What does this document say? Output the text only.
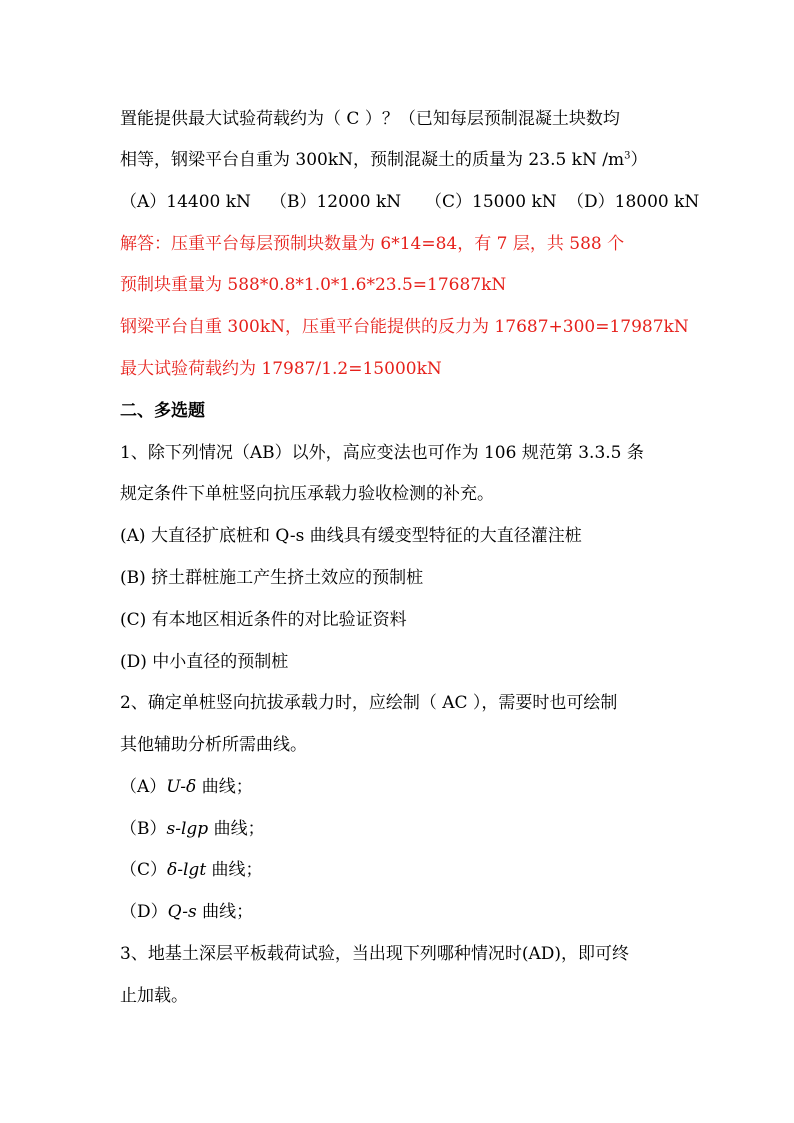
置能提供最大试验荷载约为（ C ）？（已知每层预制混凝土块数均
相等，钢梁平台自重为 300kN，预制混凝土的质量为 23.5 kN $/m^3$）
（A）14400 kN （B）12000 kN （C）15000 kN （D）18000 kN
解答：压重平台每层预制块数量为 6*14=84，有 7 层，共 588 个
预制块重量为 588*0.8*1.0*1.6*23.5=17687kN
钢梁平台自重 300kN，压重平台能提供的反力为 17687+300=17987kN
最大试验荷载约为 17987/1.2=15000kN
二、多选题
1、除下列情况（AB）以外，高应变法也可作为 106 规范第 3.3.5 条
规定条件下单桩竖向抗压承载力验收检测的补充。
(A) 大直径扩底桩和 Q-s 曲线具有缓变型特征的大直径灌注桩
(B) 挤土群桩施工产生挤土效应的预制桩
(C) 有本地区相近条件的对比验证资料
(D) 中小直径的预制桩
2、确定单桩竖向抗拔承载力时，应绘制（ AC ），需要时也可绘制
其他辅助分析所需曲线。
（A）U-δ 曲线；
（B）s-lgp 曲线；
（C）δ-lgt 曲线；
（D）Q-s 曲线；
3、地基土深层平板载荷试验，当出现下列哪种情况时(AD)，即可终
止加载。
